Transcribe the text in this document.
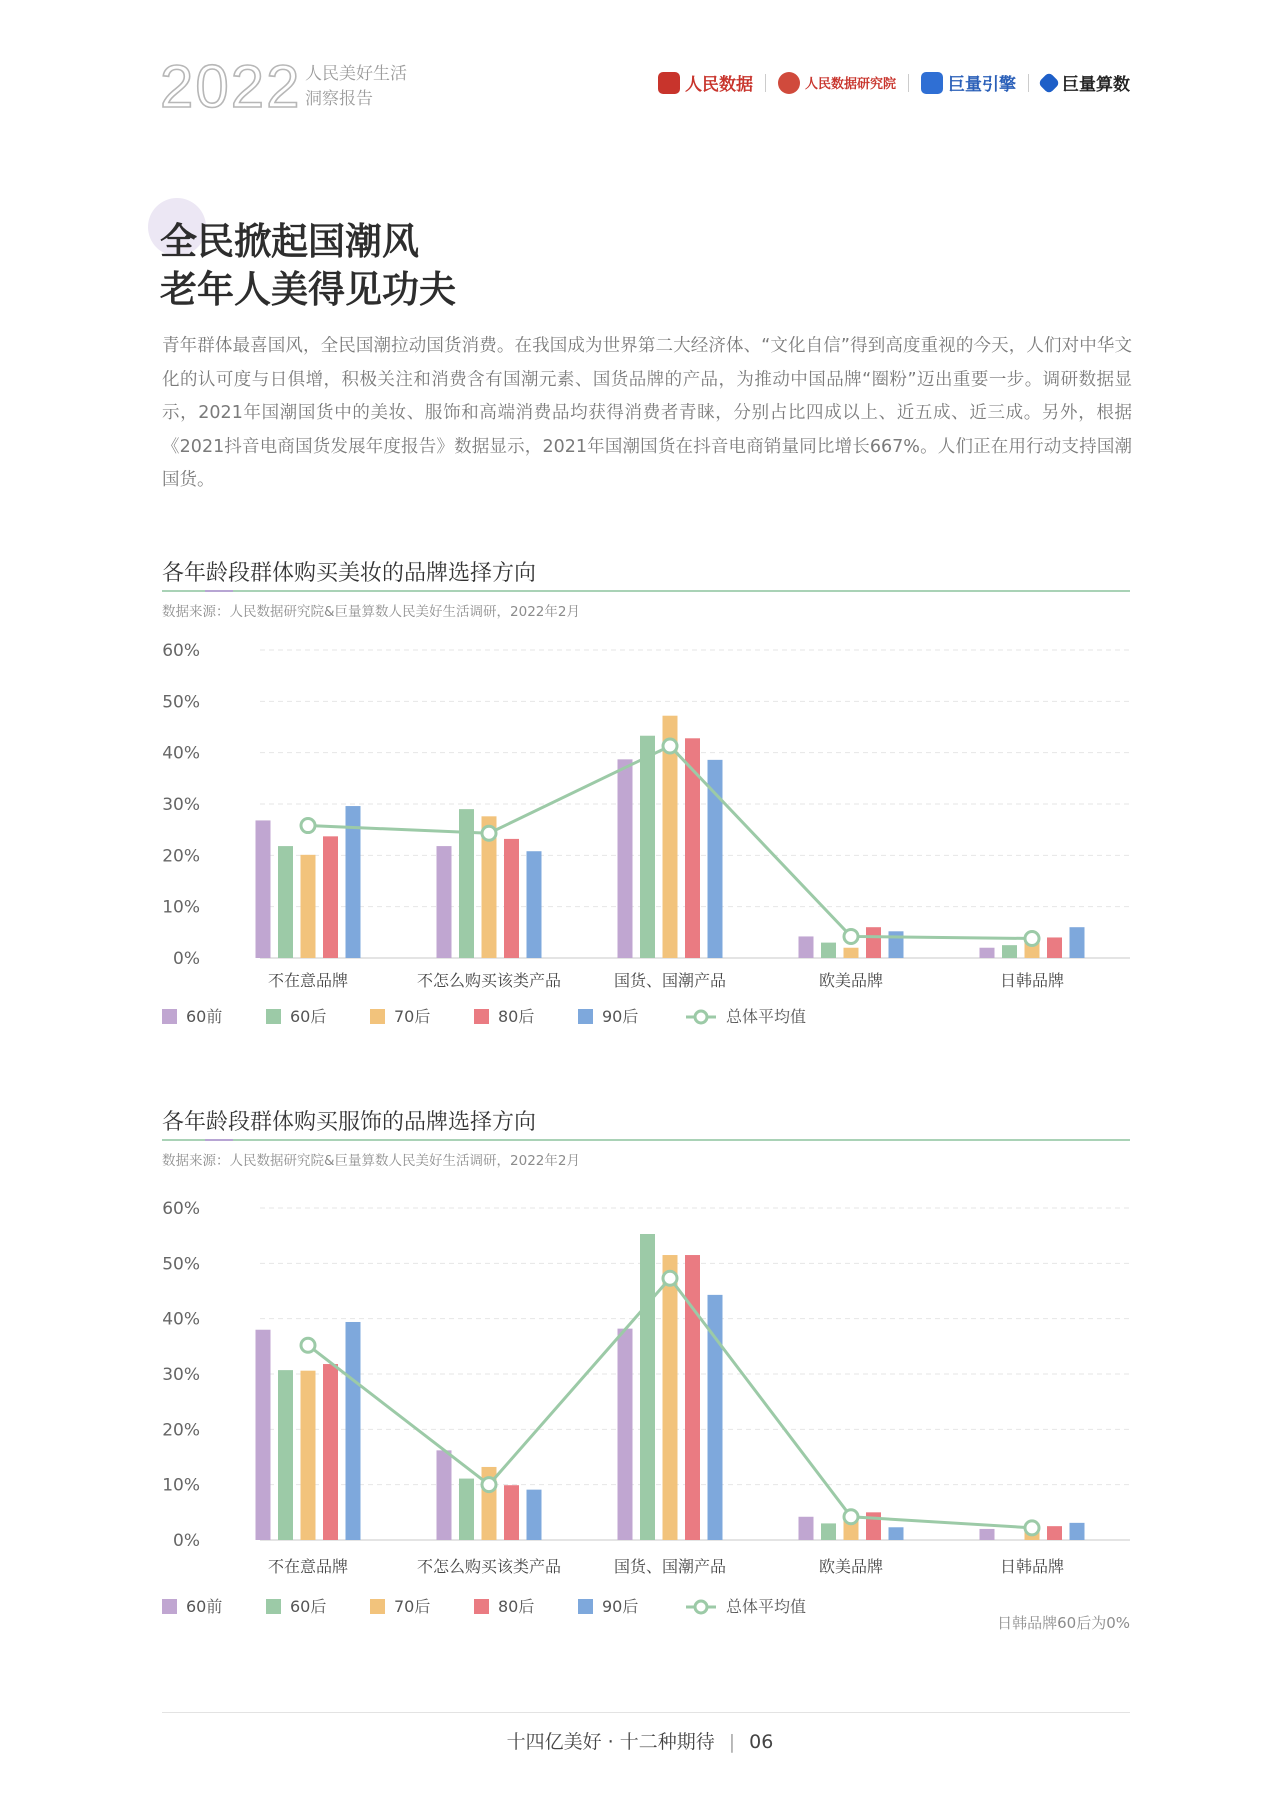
2022 人民美好生活
洞察报告
人民数据	人民数据研究院	巨量引擎	巨量算数
全民掀起国潮风
老年人美得见功夫
青年群体最喜国风，全民国潮拉动国货消费。在我国成为世界第二大经济体、“文化自信”得到高度重视的今天，人们对中华文化的认可度与日俱增，积极关注和消费含有国潮元素、国货品牌的产品，为推动中国品牌“圈粉”迈出重要一步。调研数据显示，2021年国潮国货中的美妆、服饰和高端消费品均获得消费者青睐，分别占比四成以上、近五成、近三成。另外，根据《2021抖音电商国货发展年度报告》数据显示，2021年国潮国货在抖音电商销量同比增长667%。人们正在用行动支持国潮国货。
各年龄段群体购买美妆的品牌选择方向
数据来源：人民数据研究院&巨量算数人民美好生活调研，2022年2月
0%
10%
20%
30%
40%
50%
60%
不在意品牌	不怎么购买该类产品	国货、国潮产品	欧美品牌	日韩品牌
60前	60后	70后	80后	90后	总体平均值
各年龄段群体购买服饰的品牌选择方向
数据来源：人民数据研究院&巨量算数人民美好生活调研，2022年2月
0%
10%
20%
30%
40%
50%
60%
不在意品牌	不怎么购买该类产品	国货、国潮产品	欧美品牌	日韩品牌
60前	60后	70后	80后	90后	总体平均值
日韩品牌60后为0%
十四亿美好 · 十二种期待 | 06
